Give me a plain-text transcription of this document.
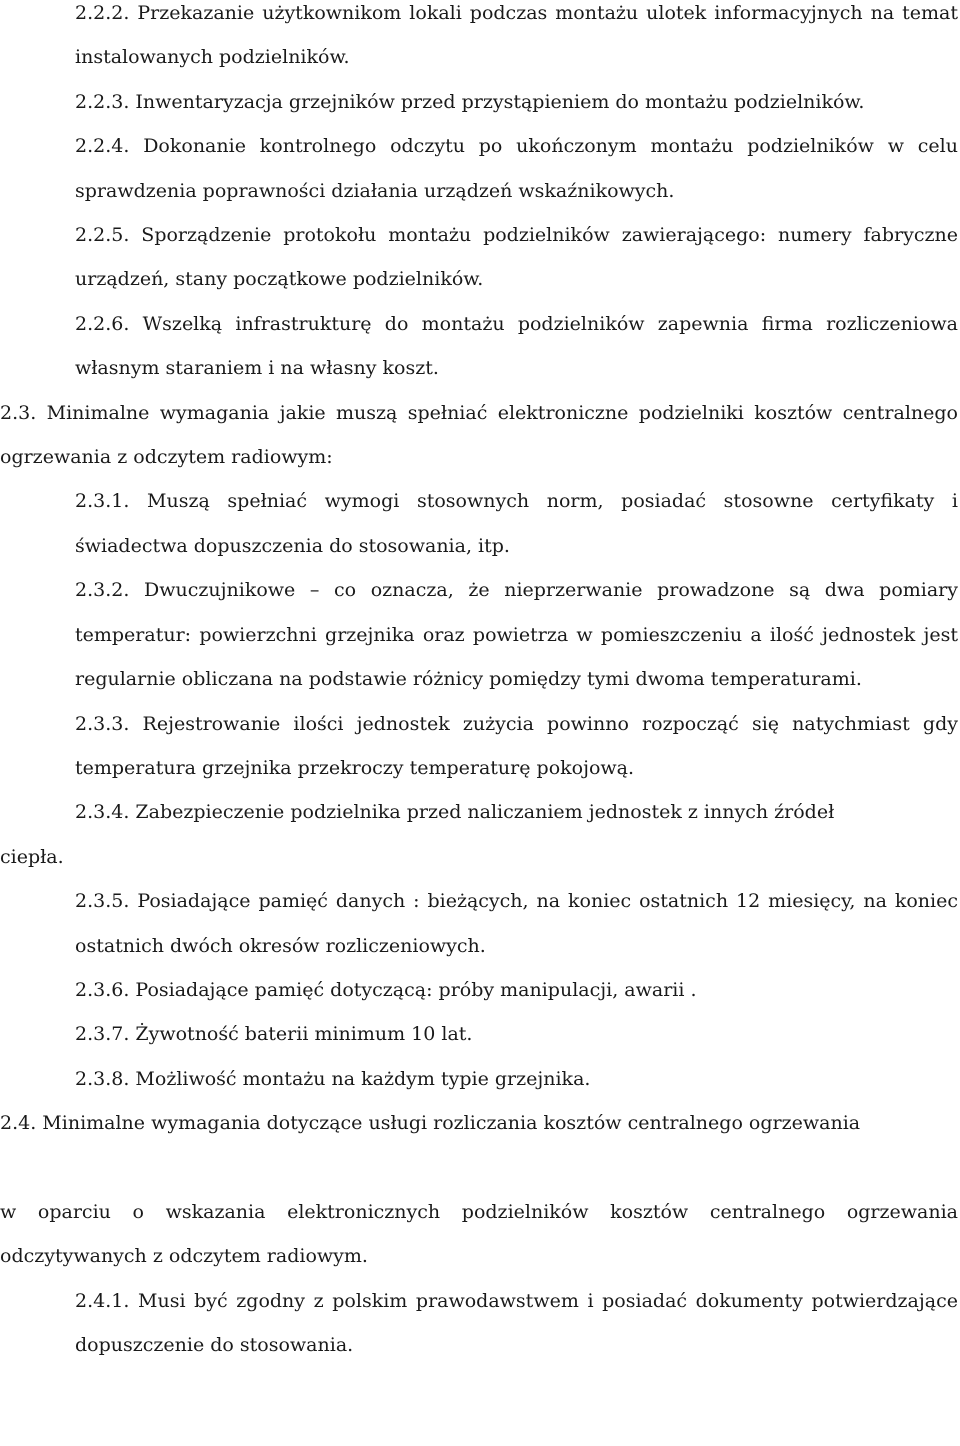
2.2.2. Przekazanie użytkownikom lokali podczas montażu ulotek informacyjnych na temat instalowanych podzielników.

2.2.3. Inwentaryzacja grzejników przed przystąpieniem do montażu podzielników.

2.2.4. Dokonanie kontrolnego odczytu po ukończonym montażu podzielników w celu sprawdzenia poprawności działania urządzeń wskaźnikowych.

2.2.5. Sporządzenie protokołu montażu podzielników zawierającego: numery fabryczne urządzeń, stany początkowe podzielników.

2.2.6. Wszelką infrastrukturę do montażu podzielników zapewnia firma rozliczeniowa własnym staraniem i na własny koszt.

2.3. Minimalne wymagania jakie muszą spełniać elektroniczne podzielniki kosztów centralnego ogrzewania z odczytem radiowym:

2.3.1. Muszą spełniać wymogi stosownych norm, posiadać stosowne certyfikaty i świadectwa dopuszczenia do stosowania, itp.

2.3.2. Dwuczujnikowe – co oznacza, że nieprzerwanie prowadzone są dwa pomiary temperatur: powierzchni grzejnika oraz powietrza w pomieszczeniu a ilość jednostek jest regularnie obliczana na podstawie różnicy pomiędzy tymi dwoma temperaturami.

2.3.3. Rejestrowanie ilości jednostek zużycia powinno rozpocząć się natychmiast gdy temperatura grzejnika przekroczy temperaturę pokojową.

2.3.4. Zabezpieczenie podzielnika przed naliczaniem jednostek z innych źródeł

ciepła.

2.3.5. Posiadające pamięć danych : bieżących, na koniec ostatnich 12 miesięcy, na koniec ostatnich dwóch okresów rozliczeniowych.

2.3.6. Posiadające pamięć dotyczącą: próby manipulacji, awarii .

2.3.7. Żywotność baterii minimum 10 lat.

2.3.8. Możliwość montażu na każdym typie grzejnika.

2.4. Minimalne wymagania dotyczące usługi rozliczania kosztów centralnego ogrzewania

w oparciu o wskazania elektronicznych podzielników kosztów centralnego ogrzewania odczytywanych z odczytem radiowym.

2.4.1. Musi być zgodny z polskim prawodawstwem i posiadać dokumenty potwierdzające dopuszczenie do stosowania.
